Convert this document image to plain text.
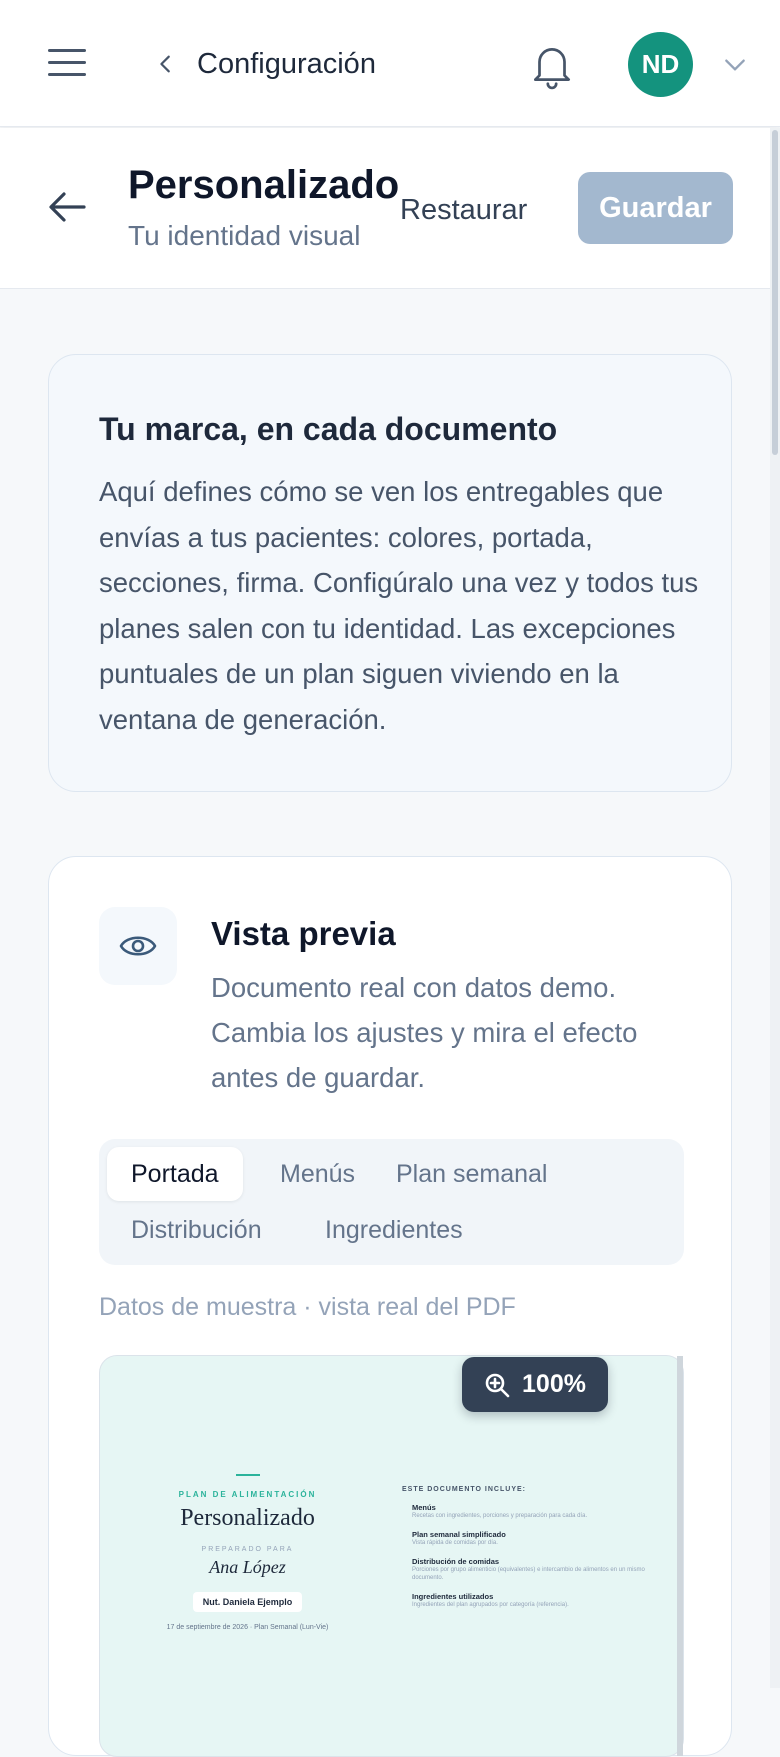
Configuración	ND
Personalizado
Tu identidad visual
Restaurar	Guardar
Tu marca, en cada documento
Aquí defines cómo se ven los entregables que envías a tus pacientes: colores, portada, secciones, firma. Configúralo una vez y todos tus planes salen con tu identidad. Las excepciones puntuales de un plan siguen viviendo en la ventana de generación.
Vista previa
Documento real con datos demo. Cambia los ajustes y mira el efecto antes de guardar.
Portada	Menús	Plan semanal
Distribución	Ingredientes
Datos de muestra · vista real del PDF
PLAN DE ALIMENTACIÓN
Personalizado
PREPARADO PARA
Ana López
Nut. Daniela Ejemplo
17 de septiembre de 2026 · Plan Semanal (Lun-Vie)
ESTE DOCUMENTO INCLUYE:
Menús
Recetas con ingredientes, porciones y preparación para cada día.
Plan semanal simplificado
Vista rápida de comidas por día.
Distribución de comidas
Porciones por grupo alimenticio (equivalentes) e intercambio de alimentos en un mismo documento.
Ingredientes utilizados
Ingredientes del plan agrupados por categoría (referencia).
100%
